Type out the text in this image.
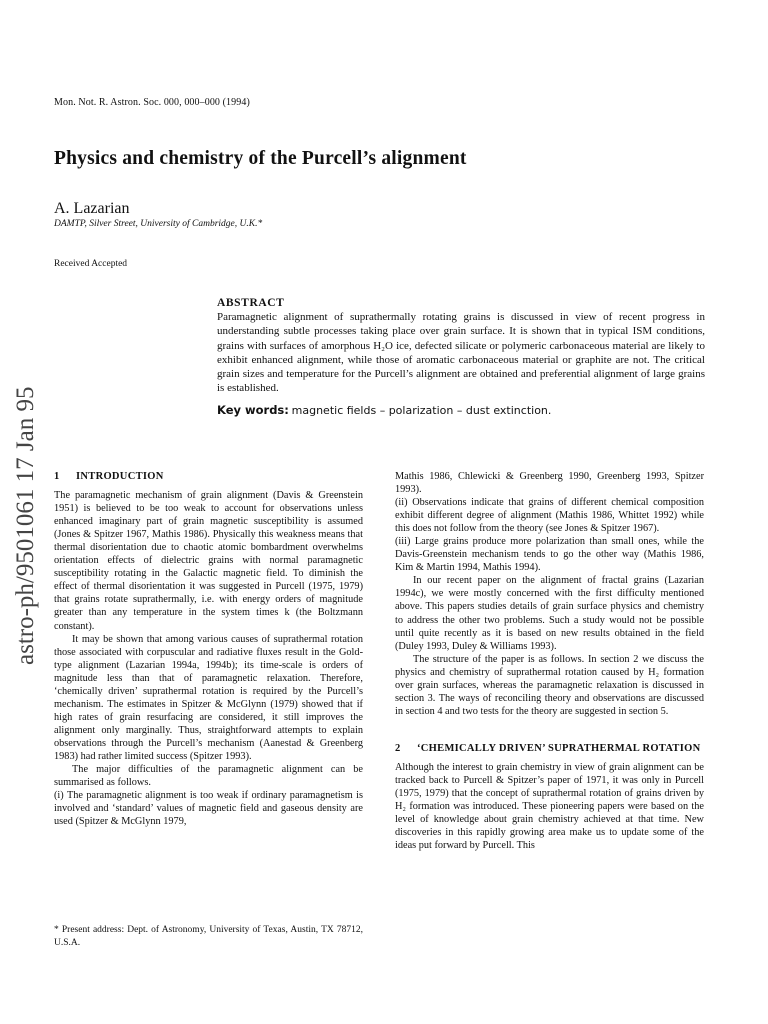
Mon. Not. R. Astron. Soc. 000, 000–000 (1994)
Physics and chemistry of the Purcell’s alignment
A. Lazarian
DAMTP, Silver Street, University of Cambridge, U.K.*
Received Accepted
ABSTRACT
Paramagnetic alignment of suprathermally rotating grains is discussed in view of recent progress in understanding subtle processes taking place over grain surface. It is shown that in typical ISM conditions, grains with surfaces of amorphous H₂O ice, defected silicate or polymeric carbonaceous material are likely to exhibit enhanced alignment, while those of aromatic carbonaceous material or graphite are not. The critical grain sizes and temperature for the Purcell’s alignment are obtained and preferential alignment of large grains is established.
Key words: magnetic fields – polarization – dust extinction.
astro-ph/9501061 17 Jan 95 1 INTRODUCTION

The paramagnetic mechanism of grain alignment (Davis & Greenstein 1951) is believed to be too weak to account for observations unless enhanced imaginary part of grain magnetic susceptibility is assumed (Jones & Spitzer 1967, Mathis 1986). Physically this weakness means that thermal disorientation due to chaotic atomic bombardment overwhelms orientation effects of dielectric grains with normal paramagnetic susceptibility rotating in the Galactic magnetic field. To diminish the effect of thermal disorientation it was suggested in Purcell (1975, 1979) that grains rotate suprathermally, i.e. with energy orders of magnitude greater than any temperature in the system times k (the Boltzmann constant).

It may be shown that among various causes of suprathermal rotation those associated with corpuscular and radiative fluxes result in the Gold-type alignment (Lazarian 1994a, 1994b); its time-scale is orders of magnitude less than that of paramagnetic relaxation. Therefore, ‘chemically driven’ suprathermal rotation is required by the Purcell’s mechanism. The estimates in Spitzer & McGlynn (1979) showed that if high rates of grain resurfacing are considered, it still improves the alignment only marginally. Thus, straightforward attempts to explain observations through the Purcell’s mechanism (Aanestad & Greenberg 1983) had rather limited success (Spitzer 1993).

The major difficulties of the paramagnetic alignment can be summarised as follows.

(i) The paramagnetic alignment is too weak if ordinary paramagnetism is involved and ‘standard’ values of magnetic field and gaseous density are used (Spitzer & McGlynn 1979,

Mathis 1986, Chlewicki & Greenberg 1990, Greenberg 1993, Spitzer 1993).

(ii) Observations indicate that grains of different chemical composition exhibit different degree of alignment (Mathis 1986, Whittet 1992) while this does not follow from the theory (see Jones & Spitzer 1967).

(iii) Large grains produce more polarization than small ones, while the Davis-Greenstein mechanism tends to go the other way (Mathis 1986, Kim & Martin 1994, Mathis 1994).

In our recent paper on the alignment of fractal grains (Lazarian 1994c), we were mostly concerned with the first difficulty mentioned above. This papers studies details of grain surface physics and chemistry to address the other two problems. Such a study would not be possible until quite recently as it is based on new results obtained in the field (Duley 1993, Duley & Williams 1993).

The structure of the paper is as follows. In section 2 we discuss the physics and chemistry of suprathermal rotation caused by H₂ formation over grain surfaces, whereas the paramagnetic relaxation is discussed in section 3. The ways of reconciling theory and observations are discussed in section 4 and two tests for the theory are suggested in section 5.

2 ‘CHEMICALLY DRIVEN’ SUPRATHERMAL ROTATION

Although the interest to grain chemistry in view of grain alignment can be tracked back to Purcell & Spitzer’s paper of 1971, it was only in Purcell (1975, 1979) that the concept of suprathermal rotation of grains driven by H₂ formation was introduced. These pioneering papers were based on the level of knowledge about grain chemistry achieved at that time. New discoveries in this rapidly growing area make us to update some of the ideas put forward by Purcell. This

* Present address: Dept. of Astronomy, University of Texas, Austin, TX 78712, U.S.A.
